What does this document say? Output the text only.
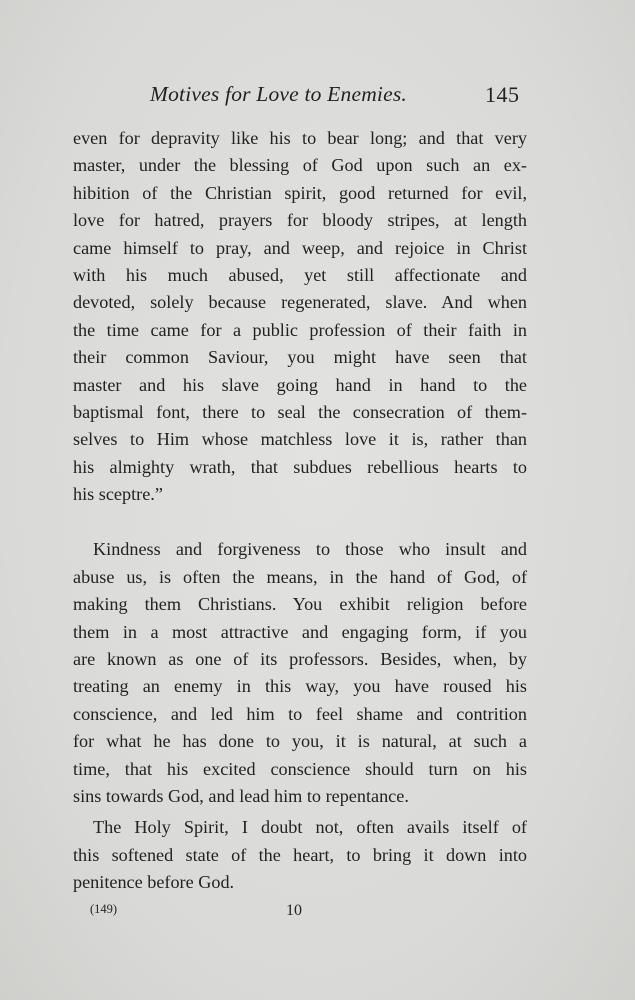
Motives for Love to Enemies.	145
even for depravity like his to bear long; and that very
master, under the blessing of God upon such an ex-
hibition of the Christian spirit, good returned for evil,
love for hatred, prayers for bloody stripes, at length
came himself to pray, and weep, and rejoice in Christ
with his much abused, yet still affectionate and
devoted, solely because regenerated, slave. And when
the time came for a public profession of their faith in
their common Saviour, you might have seen that
master and his slave going hand in hand to the
baptismal font, there to seal the consecration of them-
selves to Him whose matchless love it is, rather than
his almighty wrath, that subdues rebellious hearts to
his sceptre.”
Kindness and forgiveness to those who insult and
abuse us, is often the means, in the hand of God, of
making them Christians. You exhibit religion before
them in a most attractive and engaging form, if you
are known as one of its professors. Besides, when, by
treating an enemy in this way, you have roused his
conscience, and led him to feel shame and contrition
for what he has done to you, it is natural, at such a
time, that his excited conscience should turn on his
sins towards God, and lead him to repentance.
The Holy Spirit, I doubt not, often avails itself of
this softened state of the heart, to bring it down into
penitence before God.
(149)	10
